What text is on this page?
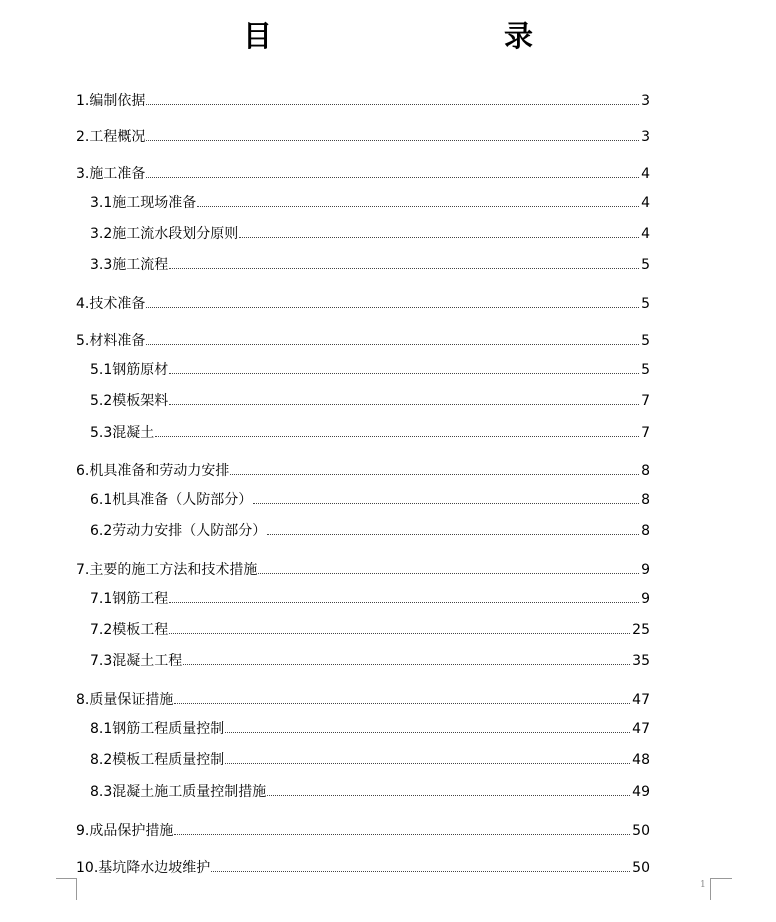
目　　录
1.编制依据	3
2.工程概况	3
3.施工准备	4
3.1施工现场准备	4
3.2施工流水段划分原则	4
3.3施工流程	5
4.技术准备	5
5.材料准备	5
5.1钢筋原材	5
5.2模板架料	7
5.3混凝土	7
6.机具准备和劳动力安排	8
6.1机具准备（人防部分）	8
6.2劳动力安排（人防部分）	8
7.主要的施工方法和技术措施	9
7.1钢筋工程	9
7.2模板工程	25
7.3混凝土工程	35
8.质量保证措施	47
8.1钢筋工程质量控制	47
8.2模板工程质量控制	48
8.3混凝土施工质量控制措施	49
9.成品保护措施	50
10.基坑降水边坡维护	50
1
